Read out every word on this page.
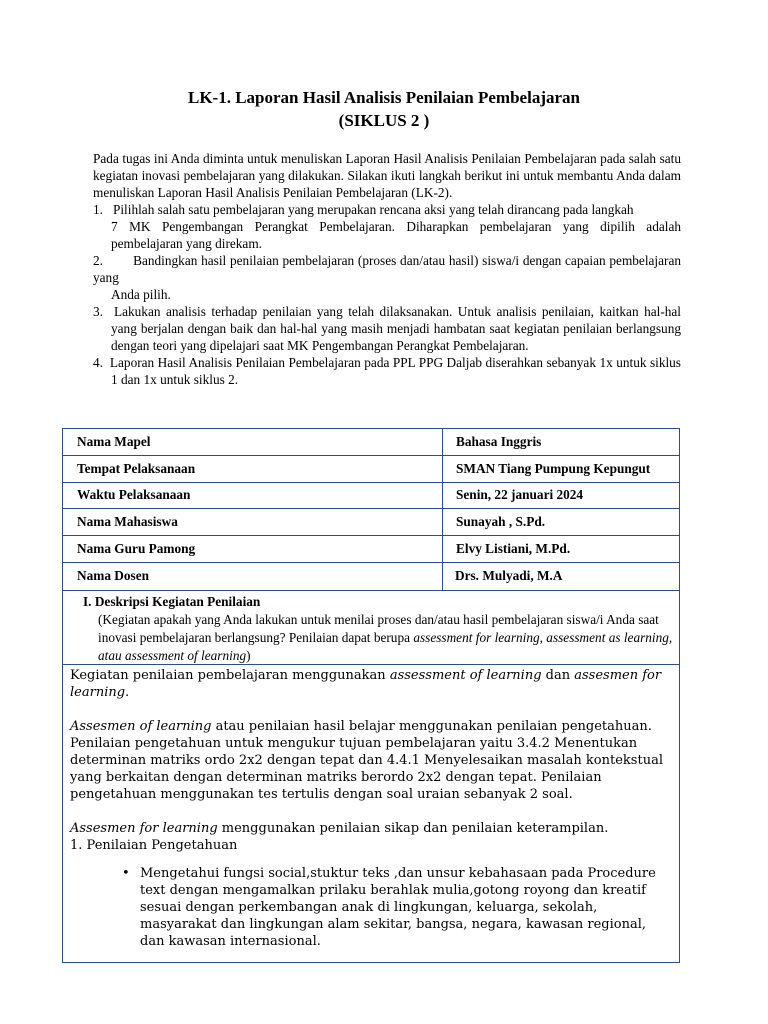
LK-1. Laporan Hasil Analisis Penilaian Pembelajaran
(SIKLUS 2 )

Pada tugas ini Anda diminta untuk menuliskan Laporan Hasil Analisis Penilaian Pembelajaran pada salah satu kegiatan inovasi pembelajaran yang dilakukan. Silakan ikuti langkah berikut ini untuk membantu Anda dalam menuliskan Laporan Hasil Analisis Penilaian Pembelajaran (LK-2).

1. Pilihlah salah satu pembelajaran yang merupakan rencana aksi yang telah dirancang pada langkah

7 MK Pengembangan Perangkat Pembelajaran. Diharapkan pembelajaran yang dipilih adalah pembelajaran yang direkam.

2. Bandingkan hasil penilaian pembelajaran (proses dan/atau hasil) siswa/i dengan capaian pembelajaran yang

Anda pilih.

3. Lakukan analisis terhadap penilaian yang telah dilaksanakan. Untuk analisis penilaian, kaitkan hal-hal yang berjalan dengan baik dan hal-hal yang masih menjadi hambatan saat kegiatan penilaian berlangsung dengan teori yang dipelajari saat MK Pengembangan Perangkat Pembelajaran.

4. Laporan Hasil Analisis Penilaian Pembelajaran pada PPL PPG Daljab diserahkan sebanyak 1x untuk siklus 1 dan 1x untuk siklus 2.

Nama Mapel	Bahasa Inggris
Tempat Pelaksanaan	SMAN Tiang Pumpung Kepungut
Waktu Pelaksanaan	Senin, 22 januari 2024
Nama Mahasiswa	Sunayah , S.Pd.
Nama Guru Pamong	Elvy Listiani, M.Pd.
Nama Dosen	Drs. Mulyadi, M.A
I. Deskripsi Kegiatan Penilaian
(Kegiatan apakah yang Anda lakukan untuk menilai proses dan/atau hasil pembelajaran siswa/i Anda saat inovasi pembelajaran berlangsung? Penilaian dapat berupa assessment for learning, assessment as learning, atau assessment of learning)

Kegiatan penilaian pembelajaran menggunakan assessment of learning dan assesmen for learning.

Assesmen of learning atau penilaian hasil belajar menggunakan penilaian pengetahuan. Penilaian pengetahuan untuk mengukur tujuan pembelajaran yaitu 3.4.2 Menentukan determinan matriks ordo 2x2 dengan tepat dan 4.4.1 Menyelesaikan masalah kontekstual yang berkaitan dengan determinan matriks berordo 2x2 dengan tepat. Penilaian pengetahuan menggunakan tes tertulis dengan soal uraian sebanyak 2 soal.

Assesmen for learning menggunakan penilaian sikap dan penilaian keterampilan.

1. Penilaian Pengetahuan

• Mengetahui fungsi social,stuktur teks ,dan unsur kebahasaan pada Procedure text dengan mengamalkan prilaku berahlak mulia,gotong royong dan kreatif sesuai dengan perkembangan anak di lingkungan, keluarga, sekolah, masyarakat dan lingkungan alam sekitar, bangsa, negara, kawasan regional, dan kawasan internasional.
